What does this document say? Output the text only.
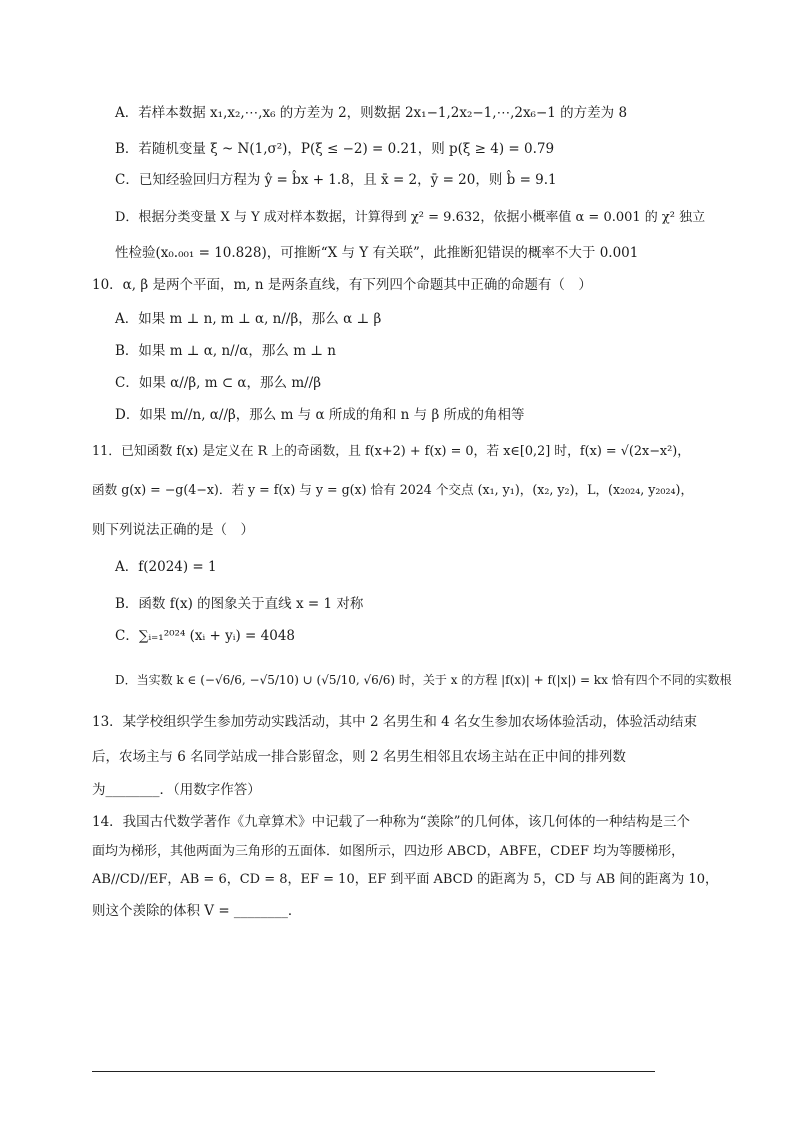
A．若样本数据 x₁,x₂,⋯,x₆ 的方差为 2，则数据 2x₁−1,2x₂−1,⋯,2x₆−1 的方差为 8
B．若随机变量 ξ ~ N(1,σ²)，P(ξ ≤ −2) = 0.21，则 p(ξ ≥ 4) = 0.79
C．已知经验回归方程为 ŷ = b̂x + 1.8，且 x̄ = 2，ȳ = 20，则 b̂ = 9.1
D．根据分类变量 X 与 Y 成对样本数据，计算得到 χ² = 9.632，依据小概率值 α = 0.001 的 χ² 独立
性检验(x₀.₀₀₁ = 10.828)，可推断“X 与 Y 有关联”，此推断犯错误的概率不大于 0.001
10．α, β 是两个平面，m, n 是两条直线，有下列四个命题其中正确的命题有（　）
A．如果 m ⊥ n, m ⊥ α, n//β，那么 α ⊥ β
B．如果 m ⊥ α, n//α，那么 m ⊥ n
C．如果 α//β, m ⊂ α，那么 m//β
D．如果 m//n, α//β，那么 m 与 α 所成的角和 n 与 β 所成的角相等
11．已知函数 f(x) 是定义在 R 上的奇函数，且 f(x+2) + f(x) = 0，若 x∈[0,2] 时，f(x) = √(2x−x²)，
函数 g(x) = −g(4−x)．若 y = f(x) 与 y = g(x) 恰有 2024 个交点 (x₁, y₁)，(x₂, y₂)，L，(x₂₀₂₄, y₂₀₂₄)，
则下列说法正确的是（　）
A．f(2024) = 1
B．函数 f(x) 的图象关于直线 x = 1 对称
C．∑ᵢ₌₁²⁰²⁴ (xᵢ + yᵢ) = 4048
D．当实数 k ∈ (−√6/6, −√5/10) ∪ (√5/10, √6/6) 时，关于 x 的方程 |f(x)| + f(|x|) = kx 恰有四个不同的实数根
13．某学校组织学生参加劳动实践活动，其中 2 名男生和 4 名女生参加农场体验活动，体验活动结束
后，农场主与 6 名同学站成一排合影留念，则 2 名男生相邻且农场主站在正中间的排列数
为________．（用数字作答）
14．我国古代数学著作《九章算术》中记载了一种称为“羡除”的几何体，该几何体的一种结构是三个
面均为梯形，其他两面为三角形的五面体．如图所示，四边形 ABCD，ABFE，CDEF 均为等腰梯形，
AB//CD//EF，AB = 6，CD = 8，EF = 10，EF 到平面 ABCD 的距离为 5，CD 与 AB 间的距离为 10，
则这个羡除的体积 V = ________．
